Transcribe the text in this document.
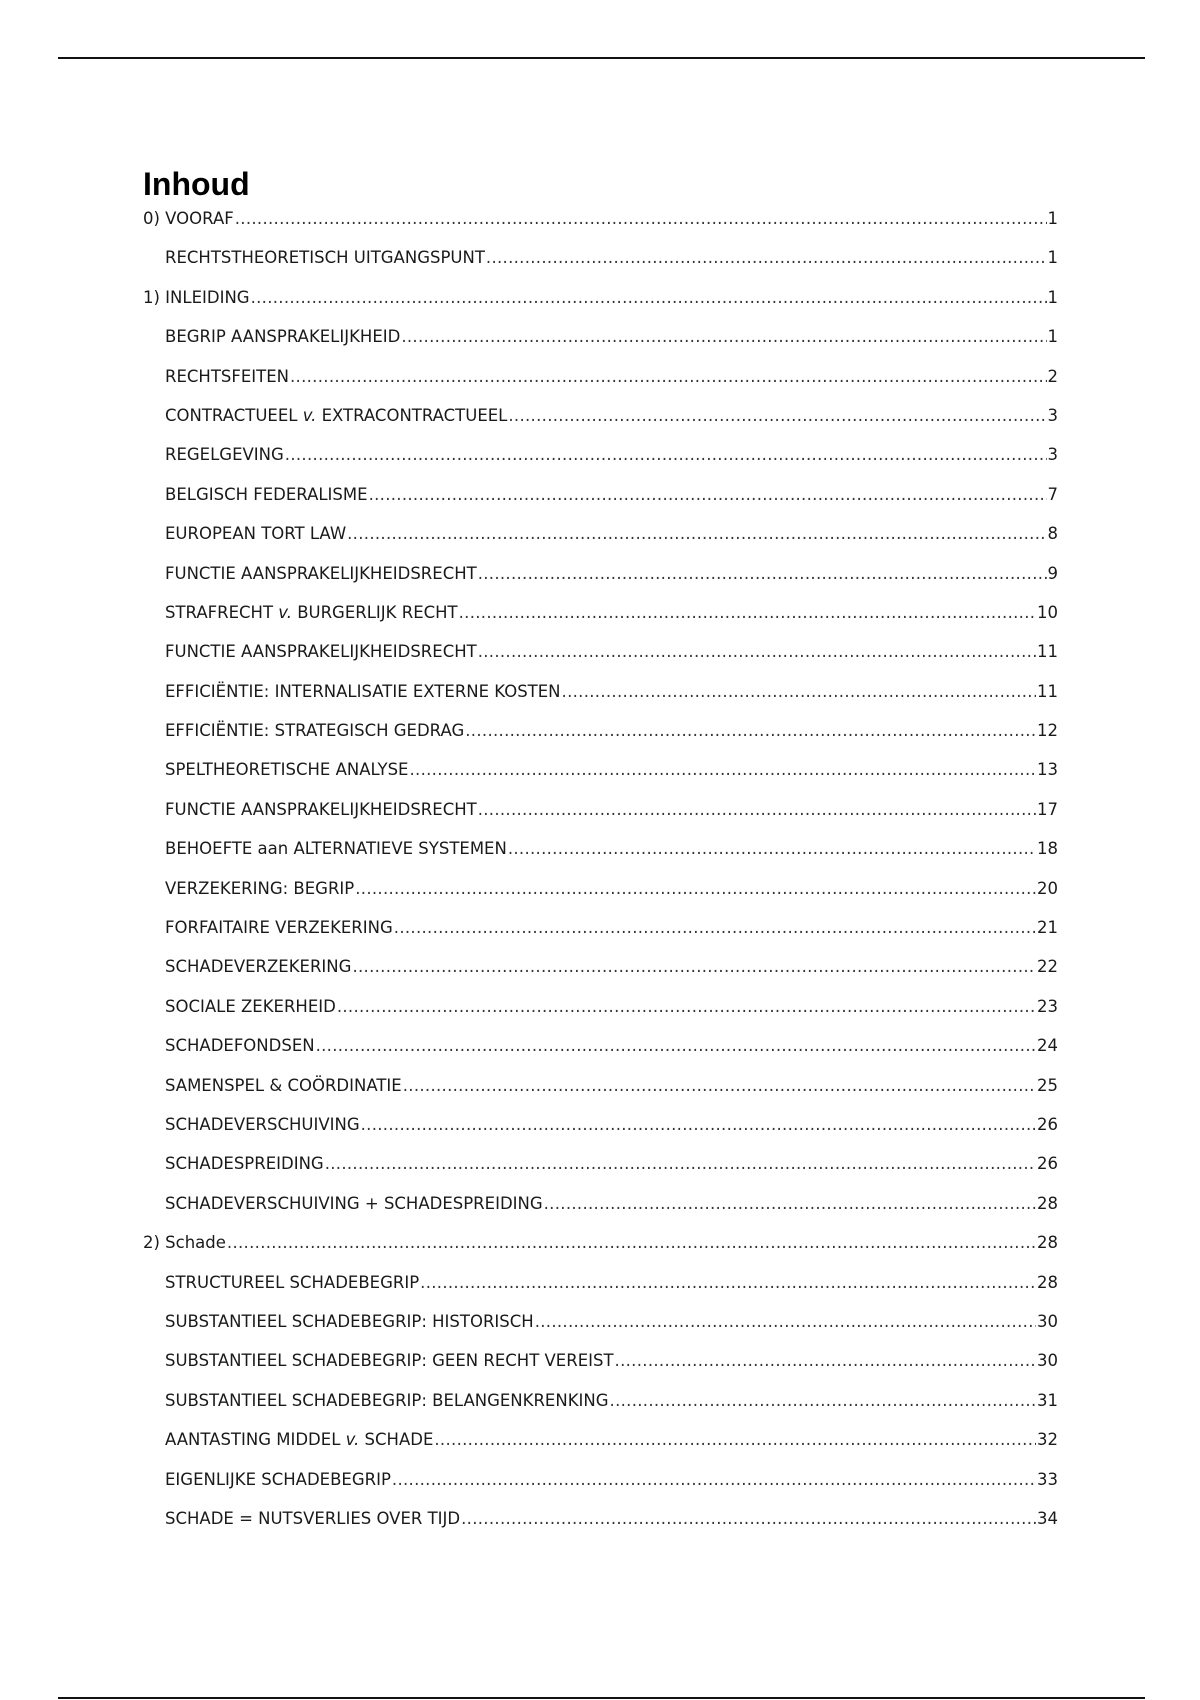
Inhoud
0) VOORAF .....	1
RECHTSTHEORETISCH UITGANGSPUNT .....	1
1) INLEIDING .....	1
BEGRIP AANSPRAKELIJKHEID .....	1
RECHTSFEITEN .....	2
CONTRACTUEEL v. EXTRACONTRACTUEEL .....	3
REGELGEVING .....	3
BELGISCH FEDERALISME .....	7
EUROPEAN TORT LAW .....	8
FUNCTIE AANSPRAKELIJKHEIDSRECHT .....	9
STRAFRECHT v. BURGERLIJK RECHT .....	10
FUNCTIE AANSPRAKELIJKHEIDSRECHT .....	11
EFFICIËNTIE: INTERNALISATIE EXTERNE KOSTEN .....	11
EFFICIËNTIE: STRATEGISCH GEDRAG .....	12
SPELTHEORETISCHE ANALYSE .....	13
FUNCTIE AANSPRAKELIJKHEIDSRECHT .....	17
BEHOEFTE aan ALTERNATIEVE SYSTEMEN .....	18
VERZEKERING: BEGRIP .....	20
FORFAITAIRE VERZEKERING .....	21
SCHADEVERZEKERING .....	22
SOCIALE ZEKERHEID .....	23
SCHADEFONDSEN .....	24
SAMENSPEL & COÖRDINATIE .....	25
SCHADEVERSCHUIVING .....	26
SCHADESPREIDING .....	26
SCHADEVERSCHUIVING + SCHADESPREIDING .....	28
2) Schade .....	28
STRUCTUREEL SCHADEBEGRIP .....	28
SUBSTANTIEEL SCHADEBEGRIP: HISTORISCH .....	30
SUBSTANTIEEL SCHADEBEGRIP: GEEN RECHT VEREIST .....	30
SUBSTANTIEEL SCHADEBEGRIP: BELANGENKRENKING .....	31
AANTASTING MIDDEL v. SCHADE .....	32
EIGENLIJKE SCHADEBEGRIP .....	33
SCHADE = NUTSVERLIES OVER TIJD .....	34
